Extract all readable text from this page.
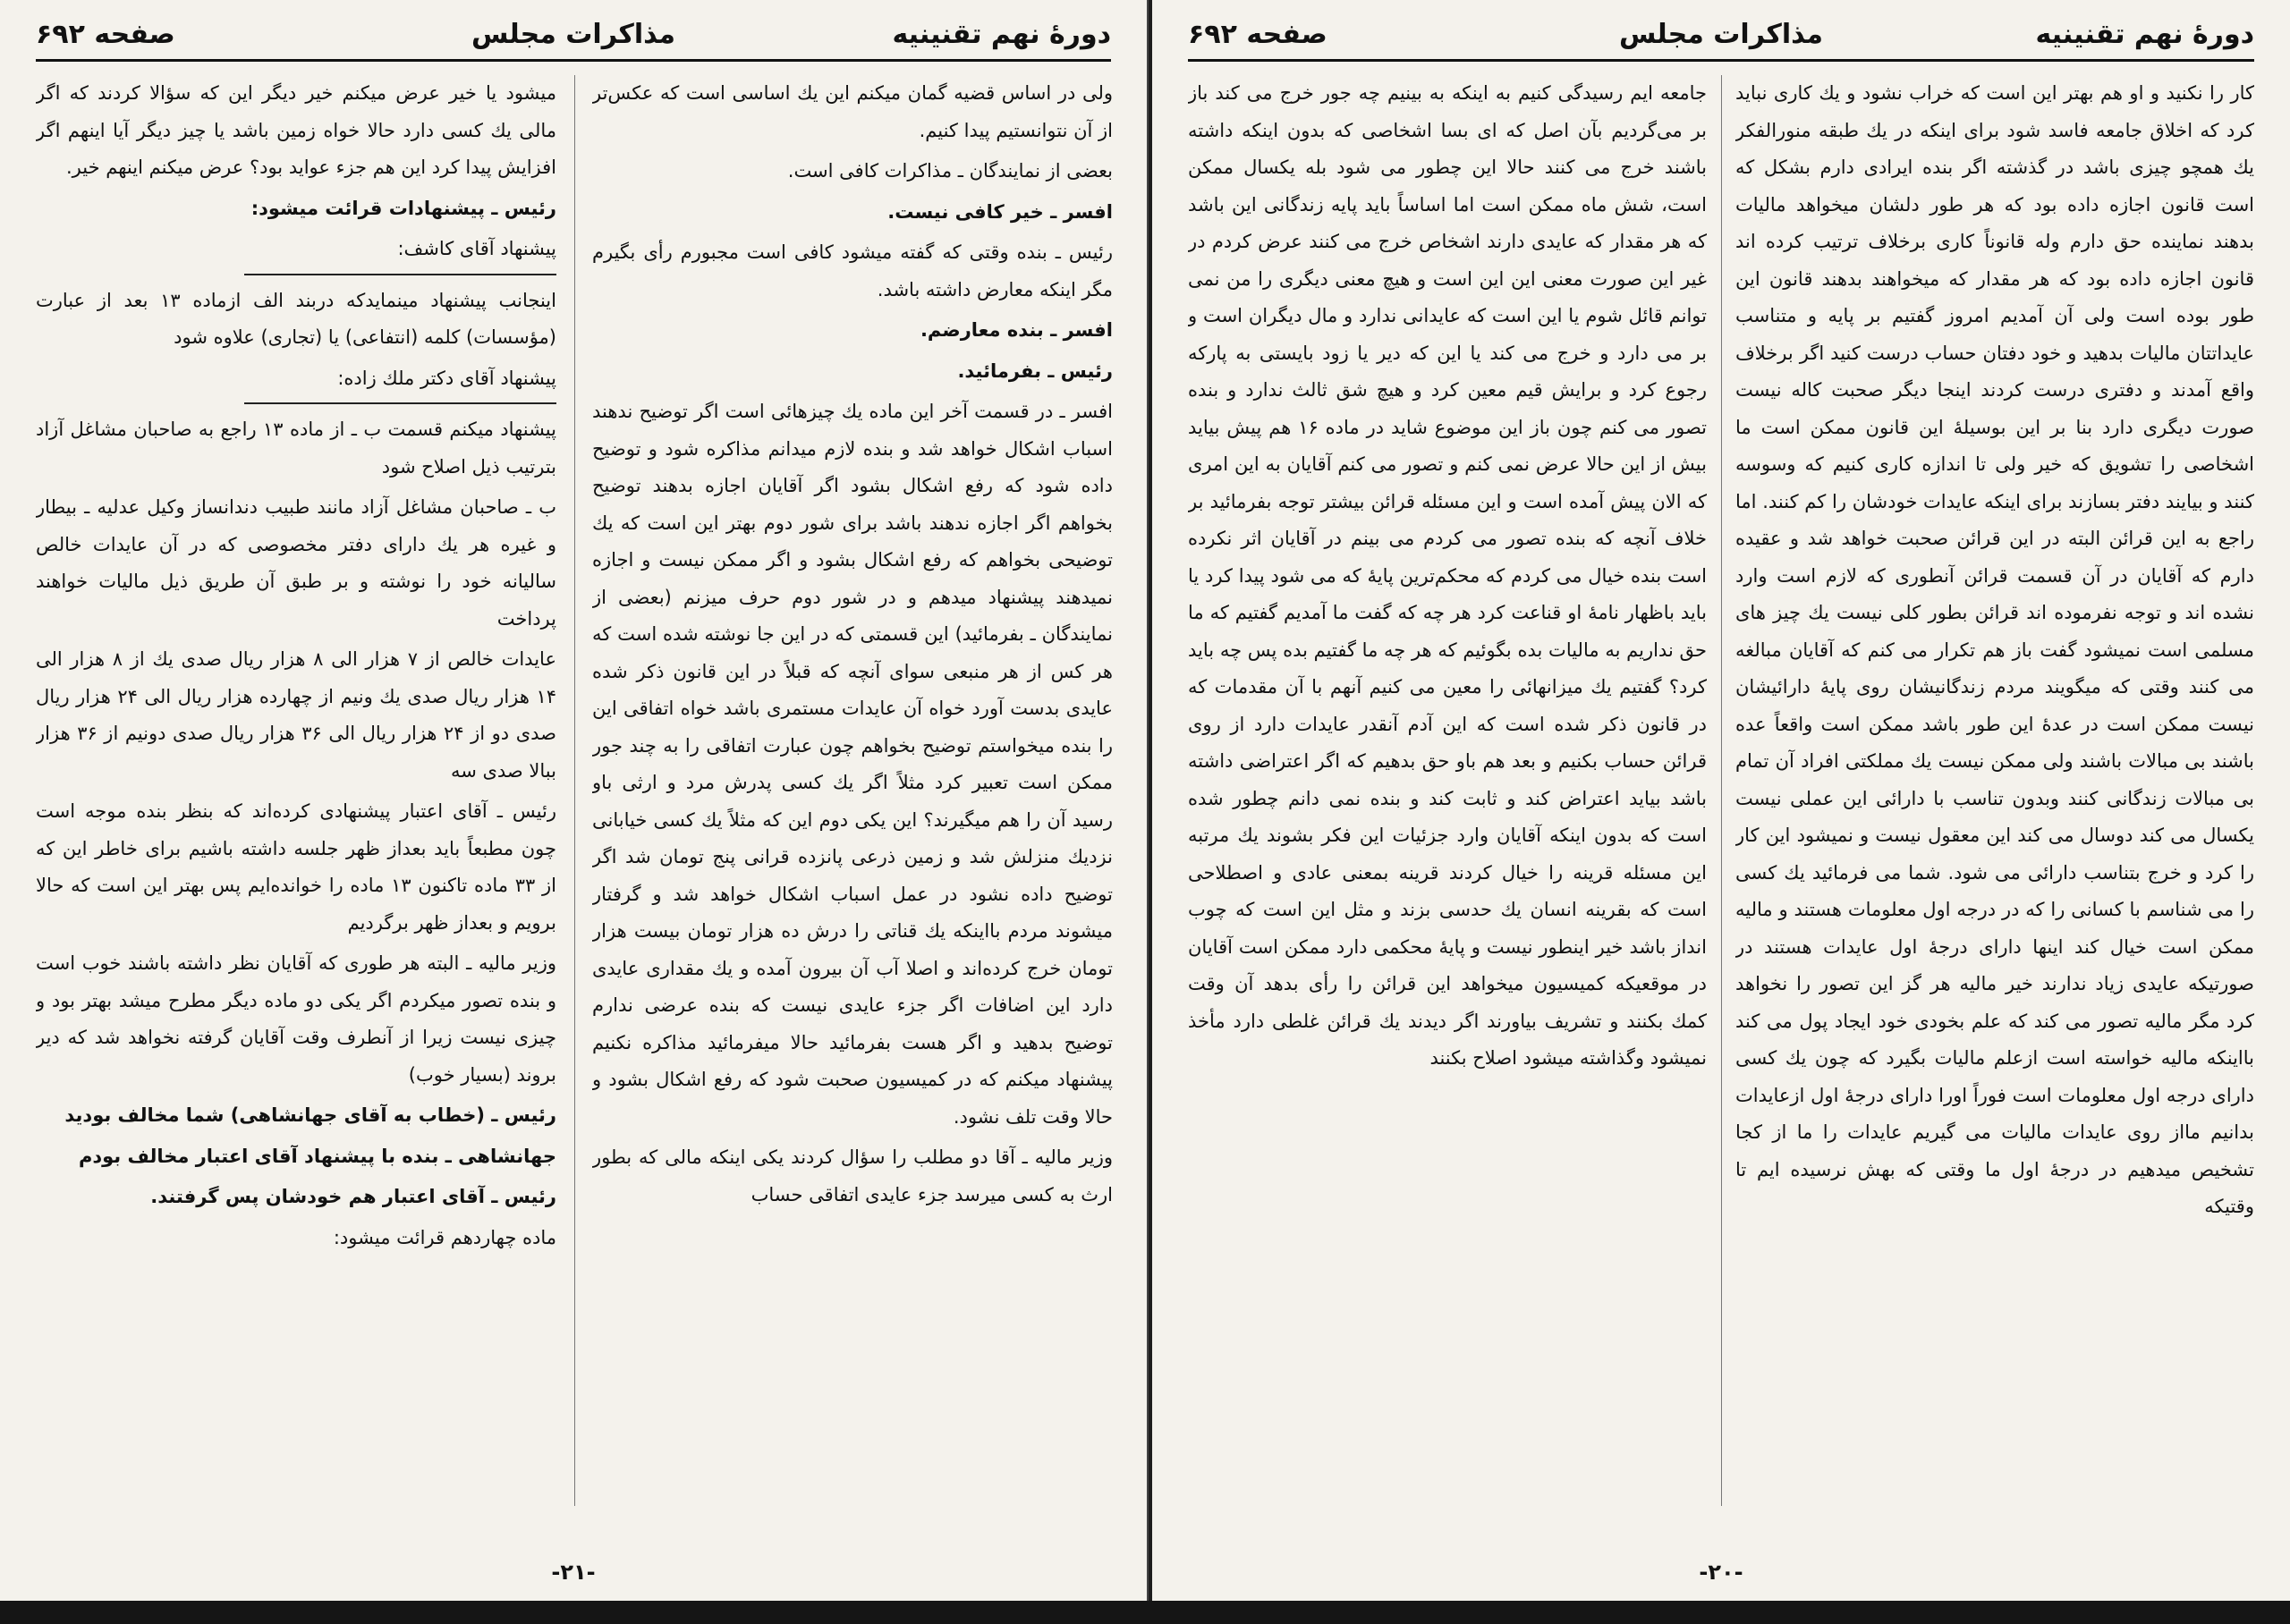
دورهٔ نهم تقنینیه
مذاکرات مجلس
صفحه ۶۹۲

ولی در اساس قضیه گمان میکنم این یك اساسی است که عکس‌تر از آن نتوانستیم پیدا کنیم.

بعضی از نمایندگان ـ مذاکرات کافی است.

افسر ـ خیر کافی نیست.

رئیس ـ بنده وقتی که گفته میشود کافی است مجبورم رأی بگیرم مگر اینکه معارض داشته باشد.

افسر ـ بنده معارضم.

رئیس ـ بفرمائید.

افسر ـ در قسمت آخر این ماده یك چیزهائی است اگر توضیح ندهند اسباب اشکال خواهد شد و بنده لازم میدانم مذاکره شود و توضیح داده شود که رفع اشکال بشود اگر آقایان اجازه بدهند توضیح بخواهم اگر اجازه ندهند باشد برای شور دوم بهتر این است که یك توضیحی بخواهم که رفع اشکال بشود و اگر ممکن نیست و اجازه نمیدهند پیشنهاد میدهم و در شور دوم حرف میزنم (بعضی از نمایندگان ـ بفرمائید) این قسمتی که در این جا نوشته شده است که هر کس از هر منبعی سوای آنچه که قبلاً در این قانون ذکر شده عایدی بدست آورد خواه آن عایدات مستمری باشد خواه اتفاقی این را بنده میخواستم توضیح بخواهم چون عبارت اتفاقی را به چند جور ممکن است تعبیر کرد مثلاً اگر یك کسی پدرش مرد و ارثی باو رسید آن را هم میگیرند؟ این یکی دوم این که مثلاً یك کسی خیابانی نزدیك منزلش شد و زمین ذرعی پانزده قرانی پنج تومان شد اگر توضیح داده نشود در عمل اسباب اشکال خواهد شد و گرفتار میشوند مردم بااینکه یك قناتی را درش ده هزار تومان بیست هزار تومان خرج کرده‌اند و اصلا آب آن بیرون آمده و یك مقداری عایدی دارد این اضافات اگر جزء عایدی نیست که بنده عرضی ندارم توضیح بدهید و اگر هست بفرمائید حالا میفرمائید مذاکره نکنیم پیشنهاد میکنم که در کمیسیون صحبت شود که رفع اشکال بشود و حالا وقت تلف نشود.

وزیر مالیه ـ آقا دو مطلب را سؤال کردند یکی اینکه مالی که بطور ارث به کسی میرسد جزء عایدی اتفاقی حساب

میشود یا خیر عرض میکنم خیر دیگر این که سؤالا کردند که اگر مالی یك کسی دارد حالا خواه زمین باشد یا چیز دیگر آیا اینهم اگر افزایش پیدا کرد این هم جزء عواید بود؟ عرض میکنم اینهم خیر.

رئیس ـ پیشنهادات قرائت میشود:

پیشنهاد آقای کاشف:

اینجانب پیشنهاد مینمایدکه دربند الف ازماده ۱۳ بعد از عبارت (مؤسسات) کلمه (انتفاعی) یا (تجاری) علاوه شود

پیشنهاد آقای دکتر ملك زاده:

پیشنهاد میکنم قسمت ب ـ از ماده ۱۳ راجع به صاحبان مشاغل آزاد بترتیب ذیل اصلاح شود

ب ـ صاحبان مشاغل آزاد مانند طبیب دندانساز وکیل عدلیه ـ بیطار و غیره هر یك دارای دفتر مخصوصی که در آن عایدات خالص سالیانه خود را نوشته و بر طبق آن طریق ذیل مالیات خواهند پرداخت

عایدات خالص از ۷ هزار الی ۸ هزار ریال صدی یك از ۸ هزار الی ۱۴ هزار ریال صدی یك ونیم از چهارده هزار ریال الی ۲۴ هزار ریال صدی دو از ۲۴ هزار ریال الی ۳۶ هزار ریال صدی دونیم از ۳۶ هزار ببالا صدی سه

رئیس ـ آقای اعتبار پیشنهادی کرده‌اند که بنظر بنده موجه است چون مطبعاً باید بعداز ظهر جلسه داشته باشیم برای خاطر این که از ۳۳ ماده تاکنون ۱۳ ماده را خوانده‌ایم پس بهتر این است که حالا برویم و بعداز ظهر برگردیم

وزیر مالیه ـ البته هر طوری که آقایان نظر داشته باشند خوب است و بنده تصور میکردم اگر یکی دو ماده دیگر مطرح میشد بهتر بود و چیزی نیست زیرا از آنطرف وقت آقایان گرفته نخواهد شد که دیر بروند (بسیار خوب)

رئیس ـ (خطاب به آقای جهانشاهی) شما مخالف بودید

جهانشاهی ـ بنده با پیشنهاد آقای اعتبار مخالف بودم

رئیس ـ آقای اعتبار هم خودشان پس گرفتند.

ماده چهاردهم قرائت میشود:

-۲۱-
دورهٔ نهم تقنینیه
مذاکرات مجلس
صفحه ۶۹۲

کار را نکنید و او هم بهتر این است که خراب نشود و یك کاری نباید کرد که اخلاق جامعه فاسد شود برای اینکه در یك طبقه منورالفکر یك همچو چیزی باشد در گذشته اگر بنده ایرادی دارم بشکل که است قانون اجازه داده بود که هر طور دلشان میخواهد مالیات بدهند نماینده حق دارم وله قانوناً کاری برخلاف ترتیب کرده اند قانون اجازه داده بود که هر مقدار که میخواهند بدهند قانون این طور بوده است ولی آن آمدیم امروز گفتیم بر پایه و متناسب عایداتتان مالیات بدهید و خود دفتان حساب درست کنید اگر برخلاف واقع آمدند و دفتری درست کردند اینجا دیگر صحبت کاله نیست صورت دیگری دارد بنا بر این بوسیلهٔ این قانون ممکن است ما اشخاصی را تشویق که خیر ولی تا اندازه کاری کنیم که وسوسه کنند و بیایند دفتر بسازند برای اینکه عایدات خودشان را کم کنند. اما راجع به این قرائن البته در این قرائن صحبت خواهد شد و عقیده دارم که آقایان در آن قسمت قرائن آنطوری که لازم است وارد نشده اند و توجه نفرموده اند قرائن بطور کلی نیست یك چیز های مسلمی است نمیشود گفت باز هم تکرار می کنم که آقایان مبالغه می کنند وقتی که میگویند مردم زندگانیشان روی پایهٔ دارائیشان نیست ممکن است در عدهٔ این طور باشد ممکن است واقعاً عده باشند بی مبالات باشند ولی ممکن نیست یك مملکتی افراد آن تمام بی مبالات زندگانی کنند وبدون تناسب با دارائی این عملی نیست یکسال می کند دوسال می کند این معقول نیست و نمیشود این کار را کرد و خرج بتناسب دارائی می شود. شما می فرمائید یك کسی را می شناسم با کسانی را که در درجه اول معلومات هستند و مالیه ممکن است خیال کند اینها دارای درجهٔ اول عایدات هستند در صورتیکه عایدی زیاد ندارند خیر مالیه هر گز این تصور را نخواهد کرد مگر مالیه تصور می کند که علم بخودی خود ایجاد پول می کند بااینکه مالیه خواسته است ازعلم مالیات بگیرد که چون یك کسی دارای درجه اول معلومات است فوراً اورا دارای درجهٔ اول ازعایدات بدانیم مااز روی عایدات مالیات می گیریم عایدات را ما از کجا تشخیص میدهیم در درجهٔ اول ما وقتی که بهش نرسیده ایم تا وقتیکه

جامعه ایم رسیدگی کنیم به اینکه به بینیم چه جور خرج می کند باز بر می‌گردیم بآن اصل که ای بسا اشخاصی که بدون اینکه داشته باشند خرج می کنند حالا این چطور می شود بله یکسال ممکن است، شش ماه ممکن است اما اساساً باید پایه زندگانی این باشد که هر مقدار که عایدی دارند اشخاص خرج می کنند عرض کردم در غیر این صورت معنی این این است و هیچ معنی دیگری را من نمی توانم قائل شوم یا این است که عایدانی ندارد و مال دیگران است و بر می دارد و خرج می کند یا این که دیر یا زود بایستی به پارکه رجوع کرد و برایش قیم معین کرد و هیچ شق ثالث ندارد و بنده تصور می کنم چون باز این موضوع شاید در ماده ۱۶ هم پیش بیاید بیش از این حالا عرض نمی کنم و تصور می کنم آقایان به این امری که الان پیش آمده است و این مسئله قرائن بیشتر توجه بفرمائید بر خلاف آنچه که بنده تصور می کردم می بینم در آقایان اثر نکرده است بنده خیال می کردم که محکم‌ترین پایهٔ که می شود پیدا کرد یا باید باظهار نامهٔ او قناعت کرد هر چه که گفت ما آمدیم گفتیم که ما حق نداریم به مالیات بده بگوئیم که هر چه ما گفتیم بده پس چه باید کرد؟ گفتیم یك میزانهائی را معین می کنیم آنهم با آن مقدمات که در قانون ذکر شده است که این آدم آنقدر عایدات دارد از روی قرائن حساب بکنیم و بعد هم باو حق بدهیم که اگر اعتراضی داشته باشد بیاید اعتراض کند و ثابت کند و بنده نمی دانم چطور شده است که بدون اینکه آقایان وارد جزئیات این فکر بشوند یك مرتبه این مسئله قرینه را خیال کردند قرینه بمعنی عادی و اصطلاحی است که بقرینه انسان یك حدسی بزند و مثل این است که چوب انداز باشد خیر اینطور نیست و پایهٔ محکمی دارد ممکن است آقایان در موقعیکه کمیسیون میخواهد این قرائن را رأی بدهد آن وقت کمك بکنند و تشریف بیاورند اگر دیدند یك قرائن غلطی دارد مأخذ نمیشود وگذاشته میشود اصلاح بکنند

-۲۰-
